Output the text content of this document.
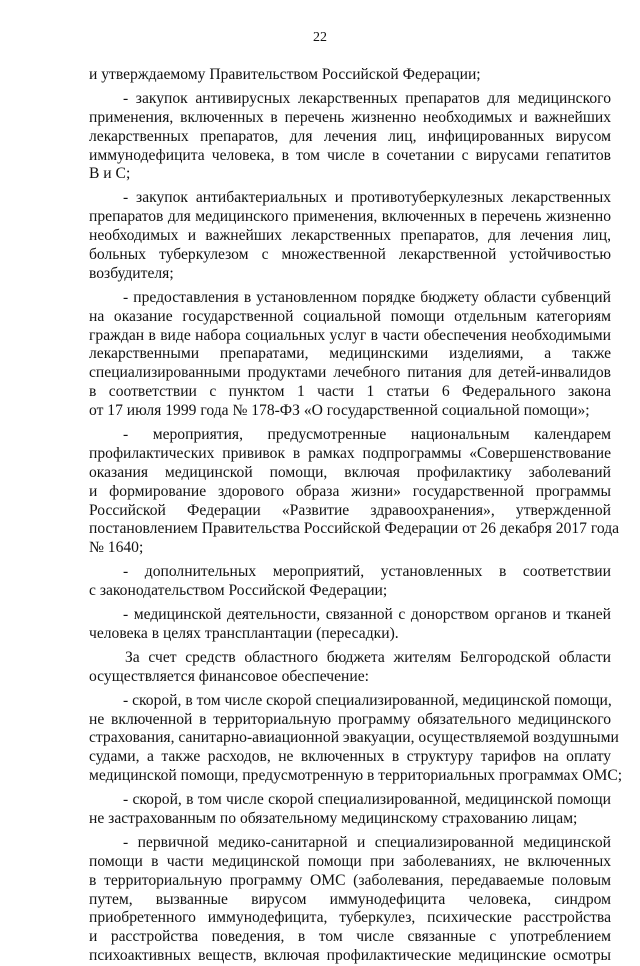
22
и утверждаемому Правительством Российской Федерации;
- закупок антивирусных лекарственных препаратов для медицинского
применения, включенных в перечень жизненно необходимых и важнейших
лекарственных препаратов, для лечения лиц, инфицированных вирусом
иммунодефицита человека, в том числе в сочетании с вирусами гепатитов
В и С;
- закупок антибактериальных и противотуберкулезных лекарственных
препаратов для медицинского применения, включенных в перечень жизненно
необходимых и важнейших лекарственных препаратов, для лечения лиц,
больных туберкулезом с множественной лекарственной устойчивостью
возбудителя;
- предоставления в установленном порядке бюджету области субвенций
на оказание государственной социальной помощи отдельным категориям
граждан в виде набора социальных услуг в части обеспечения необходимыми
лекарственными препаратами, медицинскими изделиями, а также
специализированными продуктами лечебного питания для детей-инвалидов
в соответствии с пунктом 1 части 1 статьи 6 Федерального закона
от 17 июля 1999 года № 178-ФЗ «О государственной социальной помощи»;
- мероприятия, предусмотренные национальным календарем
профилактических прививок в рамках подпрограммы «Совершенствование
оказания медицинской помощи, включая профилактику заболеваний
и формирование здорового образа жизни» государственной программы
Российской Федерации «Развитие здравоохранения», утвержденной
постановлением Правительства Российской Федерации от 26 декабря 2017 года
№ 1640;
- дополнительных мероприятий, установленных в соответствии
с законодательством Российской Федерации;
- медицинской деятельности, связанной с донорством органов и тканей
человека в целях трансплантации (пересадки).
За счет средств областного бюджета жителям Белгородской области
осуществляется финансовое обеспечение:
- скорой, в том числе скорой специализированной, медицинской помощи,
не включенной в территориальную программу обязательного медицинского
страхования, санитарно-авиационной эвакуации, осуществляемой воздушными
судами, а также расходов, не включенных в структуру тарифов на оплату
медицинской помощи, предусмотренную в территориальных программах ОМС;
- скорой, в том числе скорой специализированной, медицинской помощи
не застрахованным по обязательному медицинскому страхованию лицам;
- первичной медико-санитарной и специализированной медицинской
помощи в части медицинской помощи при заболеваниях, не включенных
в территориальную программу ОМС (заболевания, передаваемые половым
путем, вызванные вирусом иммунодефицита человека, синдром
приобретенного иммунодефицита, туберкулез, психические расстройства
и расстройства поведения, в том числе связанные с употреблением
психоактивных веществ, включая профилактические медицинские осмотры
